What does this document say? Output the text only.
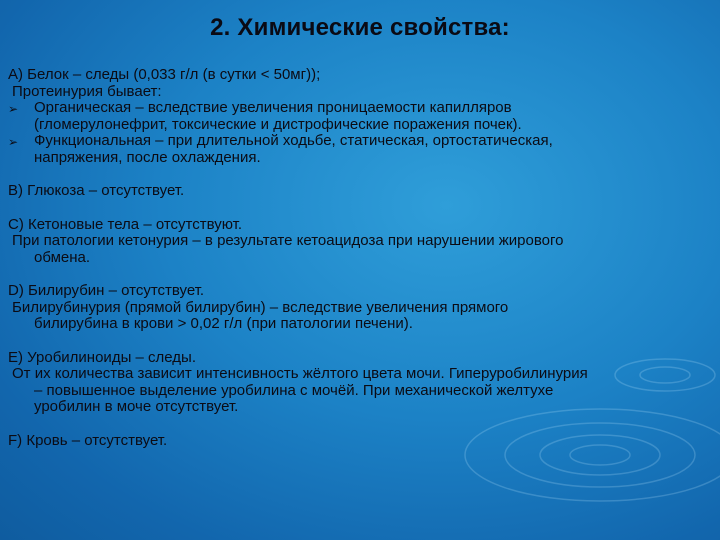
2. Химические свойства:
А) Белок – следы (0,033 г/л (в сутки < 50мг));
Протеинурия бывает:
➢ Органическая – вследствие увеличения проницаемости капилляров
(гломерулонефрит, токсические и дистрофические поражения почек).
➢ Функциональная – при длительной ходьбе, статическая, ортостатическая,
напряжения, после охлаждения.
В) Глюкоза – отсутствует.
С) Кетоновые тела – отсутствуют.
При патологии кетонурия – в результате кетоацидоза при нарушении жирового
обмена.
D) Билирубин – отсутствует.
Билирубинурия (прямой билирубин) – вследствие увеличения прямого
билирубина в крови > 0,02 г/л (при патологии печени).
Е) Уробилиноиды – следы.
От их количества зависит интенсивность жёлтого цвета мочи. Гиперуробилинурия
– повышенное выделение уробилина с мочёй. При механической желтухе
уробилин в моче отсутствует.
F) Кровь – отсутствует.
